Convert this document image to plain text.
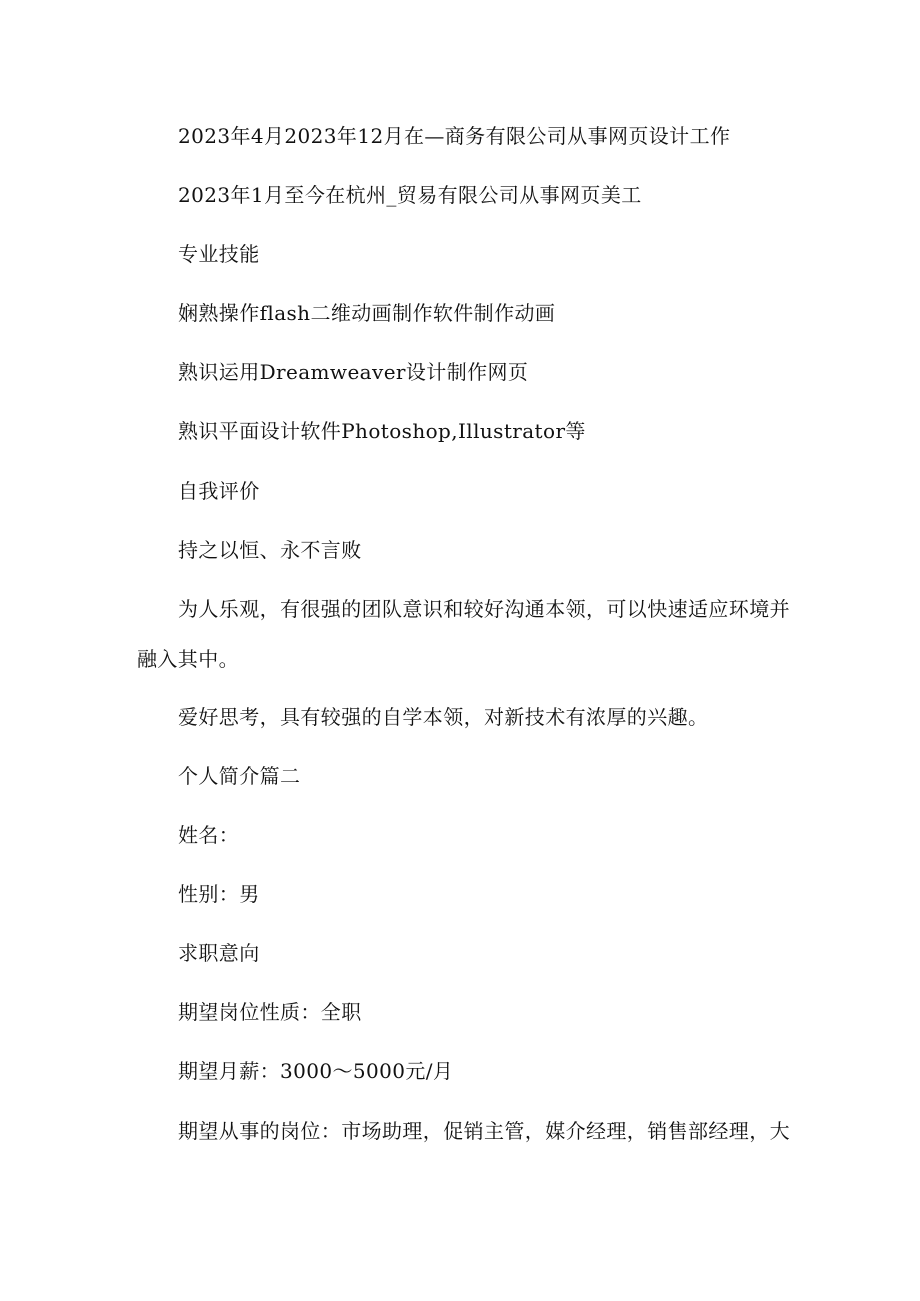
2023年4月2023年12月在—商务有限公司从事网页设计工作
2023年1月至今在杭州_贸易有限公司从事网页美工
专业技能
娴熟操作flash二维动画制作软件制作动画
熟识运用Dreamweaver设计制作网页
熟识平面设计软件Photoshop,Illustrator等
自我评价
持之以恒、永不言败
为人乐观，有很强的团队意识和较好沟通本领，可以快速适应环境并
融入其中。
爱好思考，具有较强的自学本领，对新技术有浓厚的兴趣。
个人简介篇二
姓名：
性别：男
求职意向
期望岗位性质：全职
期望月薪：3000～5000元/月
期望从事的岗位：市场助理，促销主管，媒介经理，销售部经理，大
